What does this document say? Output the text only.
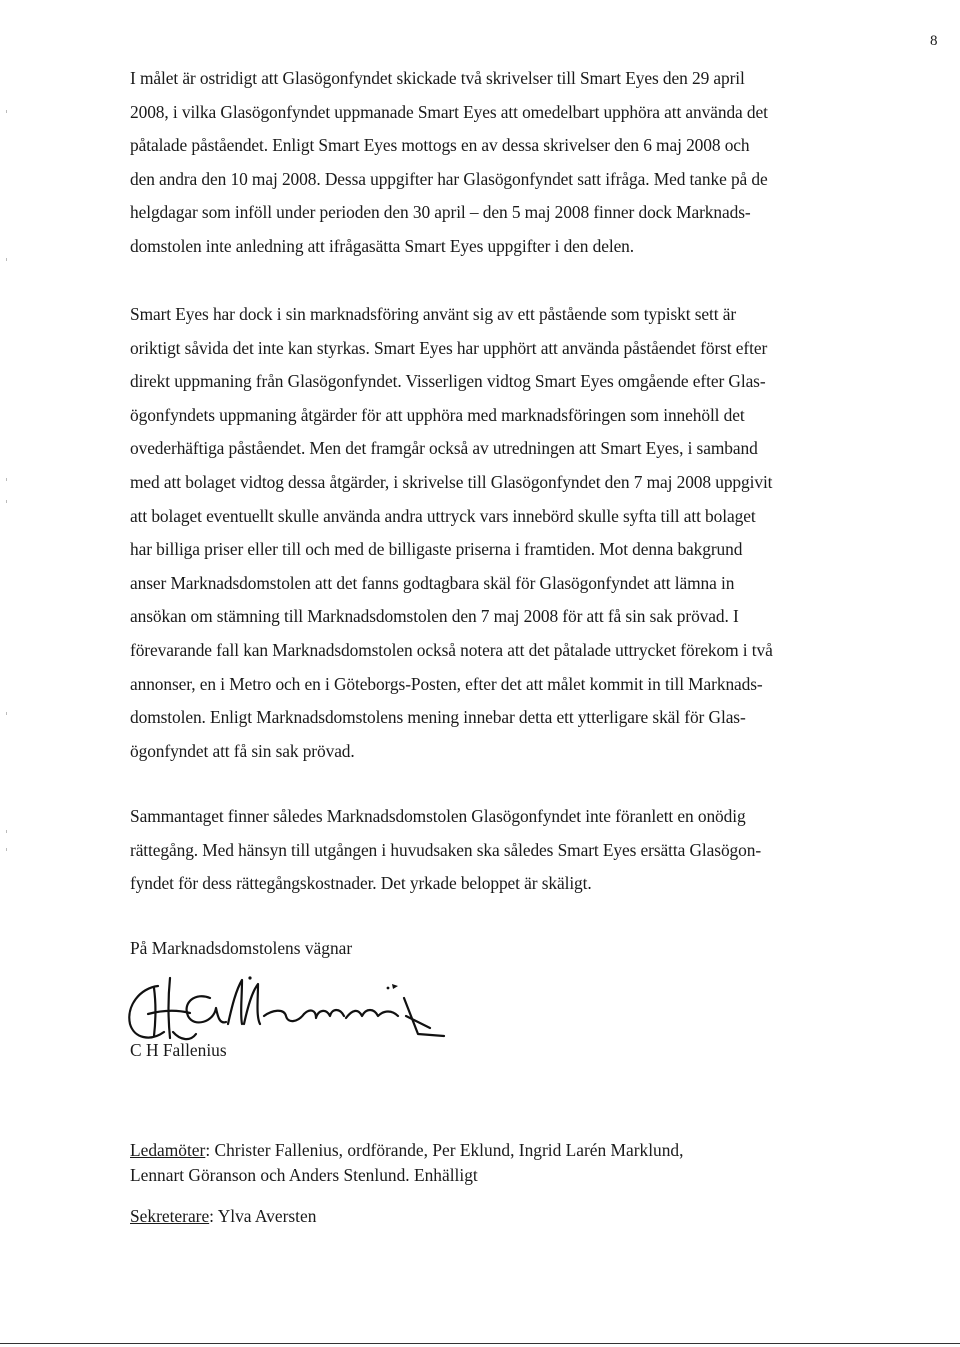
8
I målet är ostridigt att Glasögonfyndet skickade två skrivelser till Smart Eyes den 29 april
2008, i vilka Glasögonfyndet uppmanade Smart Eyes att omedelbart upphöra att använda det
påtalade påståendet. Enligt Smart Eyes mottogs en av dessa skrivelser den 6 maj 2008 och
den andra den 10 maj 2008. Dessa uppgifter har Glasögonfyndet satt ifråga. Med tanke på de
helgdagar som inföll under perioden den 30 april – den 5 maj 2008 finner dock Marknads-
domstolen inte anledning att ifrågasätta Smart Eyes uppgifter i den delen.
Smart Eyes har dock i sin marknadsföring använt sig av ett påstående som typiskt sett är
oriktigt såvida det inte kan styrkas. Smart Eyes har upphört att använda påståendet först efter
direkt uppmaning från Glasögonfyndet. Visserligen vidtog Smart Eyes omgående efter Glas-
ögonfyndets uppmaning åtgärder för att upphöra med marknadsföringen som innehöll det
ovederhäftiga påståendet. Men det framgår också av utredningen att Smart Eyes, i samband
med att bolaget vidtog dessa åtgärder, i skrivelse till Glasögonfyndet den 7 maj 2008 uppgivit
att bolaget eventuellt skulle använda andra uttryck vars innebörd skulle syfta till att bolaget
har billiga priser eller till och med de billigaste priserna i framtiden. Mot denna bakgrund
anser Marknadsdomstolen att det fanns godtagbara skäl för Glasögonfyndet att lämna in
ansökan om stämning till Marknadsdomstolen den 7 maj 2008 för att få sin sak prövad. I
förevarande fall kan Marknadsdomstolen också notera att det påtalade uttrycket förekom i två
annonser, en i Metro och en i Göteborgs-Posten, efter det att målet kommit in till Marknads-
domstolen. Enligt Marknadsdomstolens mening innebar detta ett ytterligare skäl för Glas-
ögonfyndet att få sin sak prövad.
Sammantaget finner således Marknadsdomstolen Glasögonfyndet inte föranlett en onödig
rättegång. Med hänsyn till utgången i huvudsaken ska således Smart Eyes ersätta Glasögon-
fyndet för dess rättegångskostnader. Det yrkade beloppet är skäligt.
På Marknadsdomstolens vägnar
C H Fallenius
Ledamöter: Christer Fallenius, ordförande, Per Eklund, Ingrid Larén Marklund,
Lennart Göranson och Anders Stenlund. Enhälligt
Sekreterare: Ylva Aversten
